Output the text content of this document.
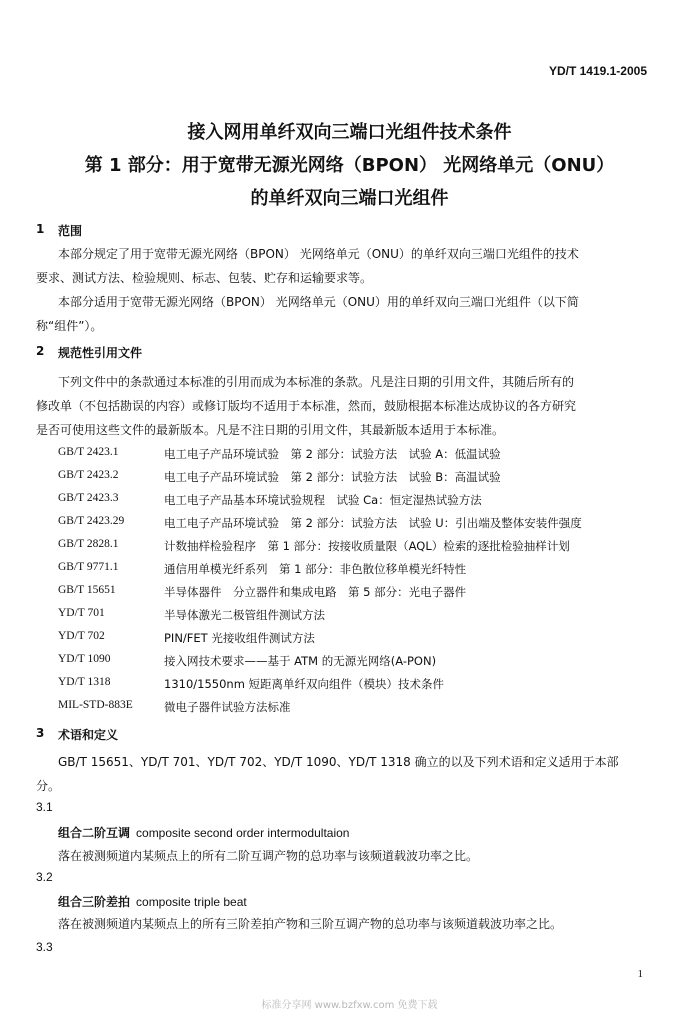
YD/T 1419.1-2005
接入网用单纤双向三端口光组件技术条件
第 1 部分：用于宽带无源光网络（BPON） 光网络单元（ONU）
的单纤双向三端口光组件
1 范围
本部分规定了用于宽带无源光网络（BPON） 光网络单元（ONU）的单纤双向三端口光组件的技术
要求、测试方法、检验规则、标志、包装、贮存和运输要求等。
本部分适用于宽带无源光网络（BPON） 光网络单元（ONU）用的单纤双向三端口光组件（以下简
称“组件”）。
2 规范性引用文件
下列文件中的条款通过本标准的引用而成为本标准的条款。凡是注日期的引用文件，其随后所有的
修改单（不包括勘误的内容）或修订版均不适用于本标准，然而，鼓励根据本标准达成协议的各方研究
是否可使用这些文件的最新版本。凡是不注日期的引用文件，其最新版本适用于本标准。
GB/T 2423.1	电工电子产品环境试验　第 2 部分：试验方法　试验 A：低温试验
GB/T 2423.2	电工电子产品环境试验　第 2 部分：试验方法　试验 B：高温试验
GB/T 2423.3	电工电子产品基本环境试验规程　试验 Ca：恒定湿热试验方法
GB/T 2423.29	电工电子产品环境试验　第 2 部分：试验方法　试验 U：引出端及整体安装件强度
GB/T 2828.1	计数抽样检验程序　第 1 部分：按接收质量限（AQL）检索的逐批检验抽样计划
GB/T 9771.1	通信用单模光纤系列　第 1 部分：非色散位移单模光纤特性
GB/T 15651	半导体器件　分立器件和集成电路　第 5 部分：光电子器件
YD/T 701	半导体激光二极管组件测试方法
YD/T 702	PIN/FET 光接收组件测试方法
YD/T 1090	接入网技术要求——基于 ATM 的无源光网络(A-PON)
YD/T 1318	1310/1550nm 短距离单纤双向组件（模块）技术条件
MIL-STD-883E	微电子器件试验方法标准
3 术语和定义
GB/T 15651、YD/T 701、YD/T 702、YD/T 1090、YD/T 1318 确立的以及下列术语和定义适用于本部
分。
3.1
组合二阶互调 composite second order intermodultaion
落在被测频道内某频点上的所有二阶互调产物的总功率与该频道载波功率之比。
3.2
组合三阶差拍 composite triple beat
落在被测频道内某频点上的所有三阶差拍产物和三阶互调产物的总功率与该频道载波功率之比。
3.3
1
标准分享网 www.bzfxw.com 免费下载
